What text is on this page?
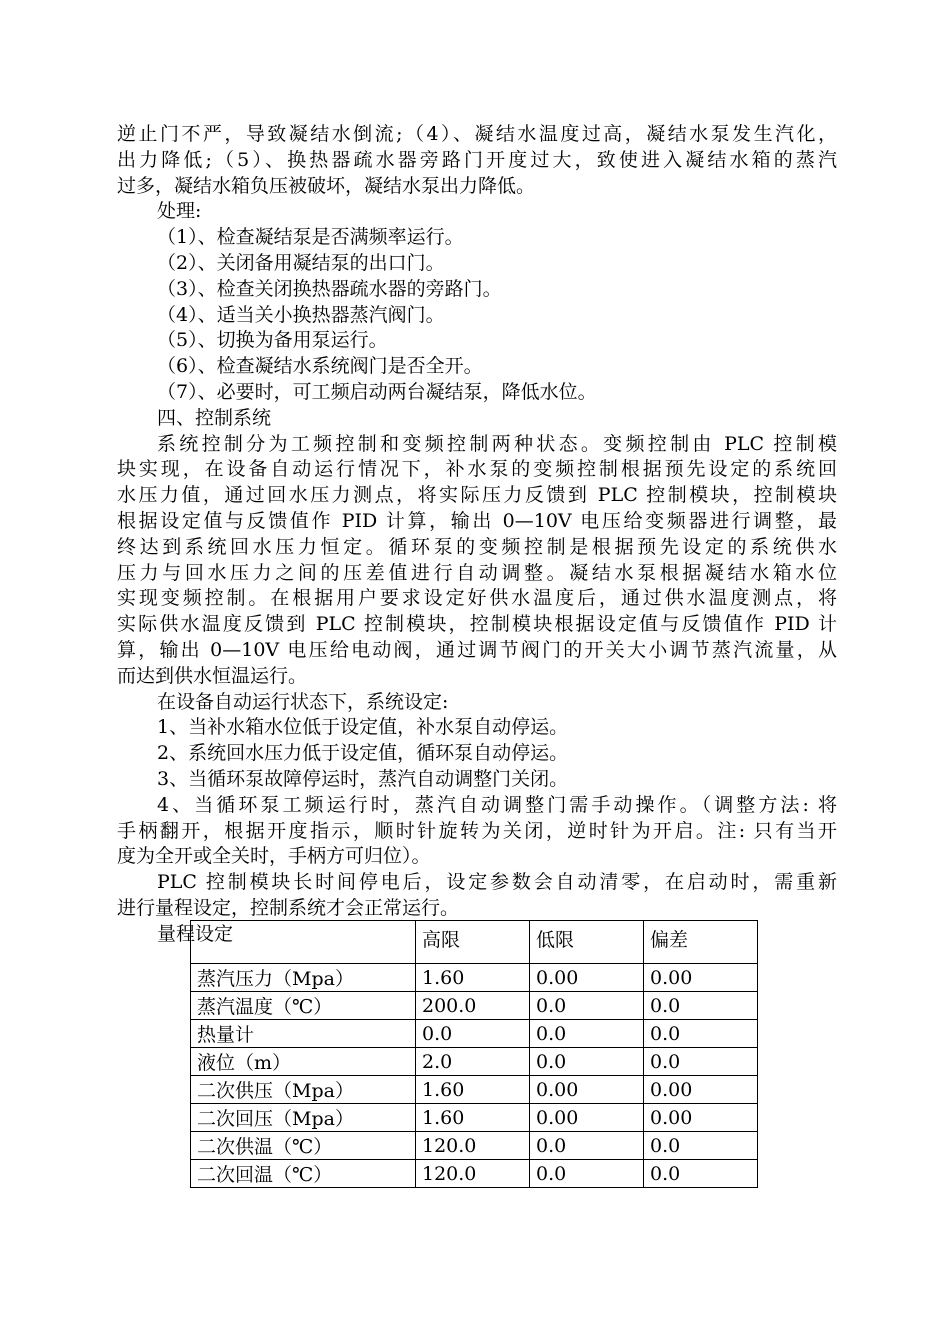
逆止门不严，导致凝结水倒流;（4）、凝结水温度过高，凝结水泵发生汽化，
出力降低;（5）、换热器疏水器旁路门开度过大，致使进入凝结水箱的蒸汽
过多，凝结水箱负压被破坏，凝结水泵出力降低。
处理:
（1）、检查凝结泵是否满频率运行。
（2）、关闭备用凝结泵的出口门。
（3）、检查关闭换热器疏水器的旁路门。
（4）、适当关小换热器蒸汽阀门。
（5）、切换为备用泵运行。
（6）、检查凝结水系统阀门是否全开。
（7）、必要时，可工频启动两台凝结泵，降低水位。
四、控制系统
系统控制分为工频控制和变频控制两种状态。变频控制由 PLC 控制模
块实现，在设备自动运行情况下，补水泵的变频控制根据预先设定的系统回
水压力值，通过回水压力测点，将实际压力反馈到 PLC 控制模块，控制模块
根据设定值与反馈值作 PID 计算，输出 0—10V 电压给变频器进行调整，最
终达到系统回水压力恒定。循环泵的变频控制是根据预先设定的系统供水
压力与回水压力之间的压差值进行自动调整。凝结水泵根据凝结水箱水位
实现变频控制。在根据用户要求设定好供水温度后，通过供水温度测点，将
实际供水温度反馈到 PLC 控制模块，控制模块根据设定值与反馈值作 PID 计
算，输出 0—10V 电压给电动阀，通过调节阀门的开关大小调节蒸汽流量，从
而达到供水恒温运行。
在设备自动运行状态下，系统设定:
1、当补水箱水位低于设定值，补水泵自动停运。
2、系统回水压力低于设定值，循环泵自动停运。
3、当循环泵故障停运时，蒸汽自动调整门关闭。
4、当循环泵工频运行时，蒸汽自动调整门需手动操作。（调整方法: 将
手柄翻开，根据开度指示，顺时针旋转为关闭，逆时针为开启。注: 只有当开
度为全开或全关时，手柄方可归位）。
PLC 控制模块长时间停电后，设定参数会自动清零，在启动时，需重新
进行量程设定，控制系统才会正常运行。
量程设定
		高限	低限	偏差
蒸汽压力（Mpa）	1.60	0.00	0.00
蒸汽温度（℃）	200.0	0.0	0.0
热量计	0.0	0.0	0.0
液位（m）	2.0	0.0	0.0
二次供压（Mpa）	1.60	0.00	0.00
二次回压（Mpa）	1.60	0.00	0.00
二次供温（℃）	120.0	0.0	0.0
二次回温（℃）	120.0	0.0	0.0
